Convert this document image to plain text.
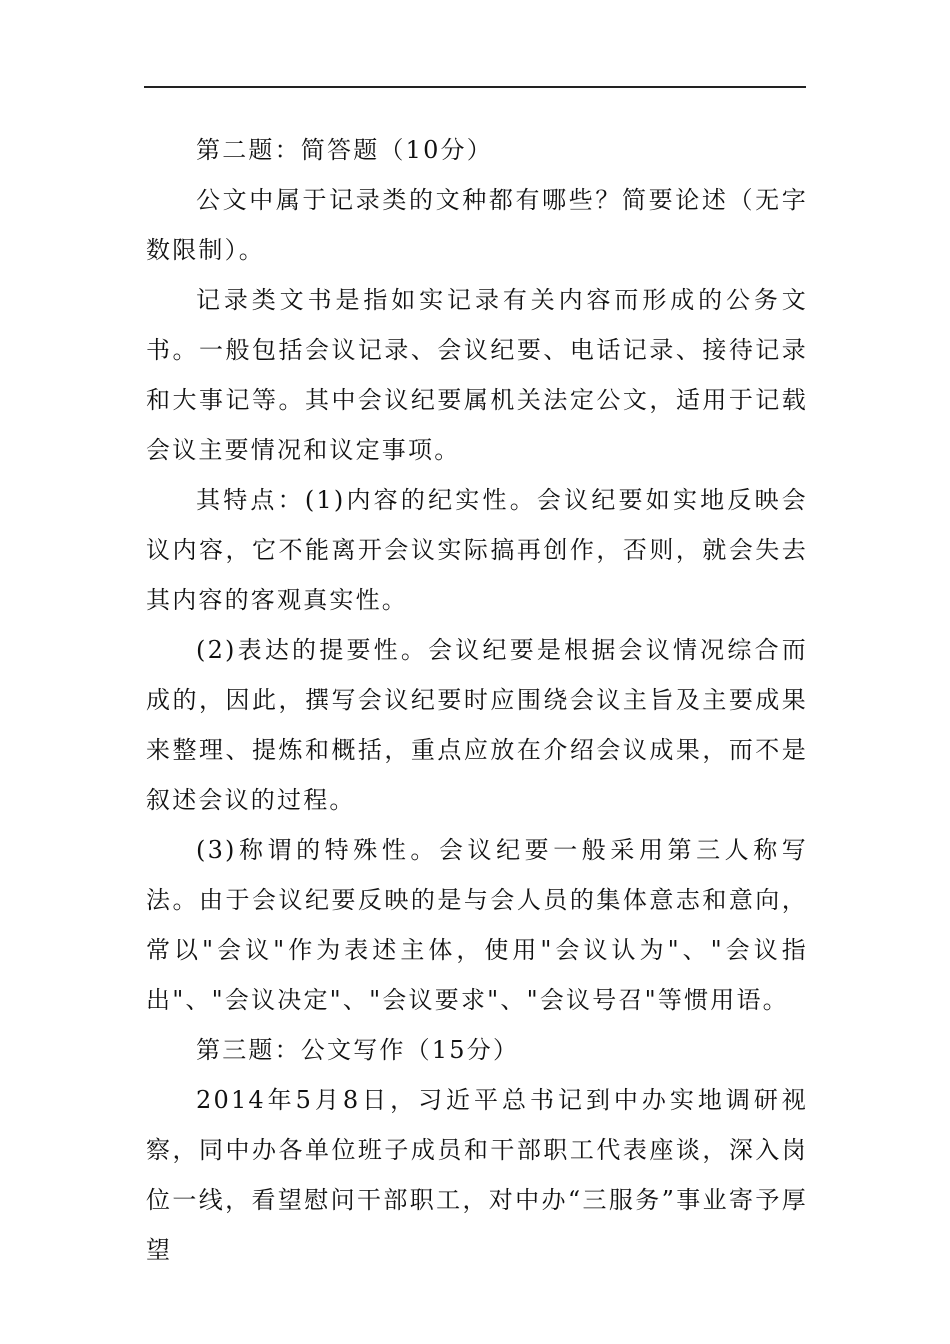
第二题：简答题（10分）

公文中属于记录类的文种都有哪些？简要论述（无字数限制）。

记录类文书是指如实记录有关内容而形成的公务文书。一般包括会议记录、会议纪要、电话记录、接待记录和大事记等。其中会议纪要属机关法定公文，适用于记载会议主要情况和议定事项。

其特点：(1)内容的纪实性。会议纪要如实地反映会议内容，它不能离开会议实际搞再创作，否则，就会失去其内容的客观真实性。

(2)表达的提要性。会议纪要是根据会议情况综合而成的，因此，撰写会议纪要时应围绕会议主旨及主要成果来整理、提炼和概括，重点应放在介绍会议成果，而不是叙述会议的过程。

(3)称谓的特殊性。会议纪要一般采用第三人称写法。由于会议纪要反映的是与会人员的集体意志和意向，常以"会议"作为表述主体，使用"会议认为"、"会议指出"、"会议决定"、"会议要求"、"会议号召"等惯用语。

第三题：公文写作（15分）

2014年5月8日，习近平总书记到中办实地调研视察，同中办各单位班子成员和干部职工代表座谈，深入岗位一线，看望慰问干部职工，对中办“三服务”事业寄予厚望
